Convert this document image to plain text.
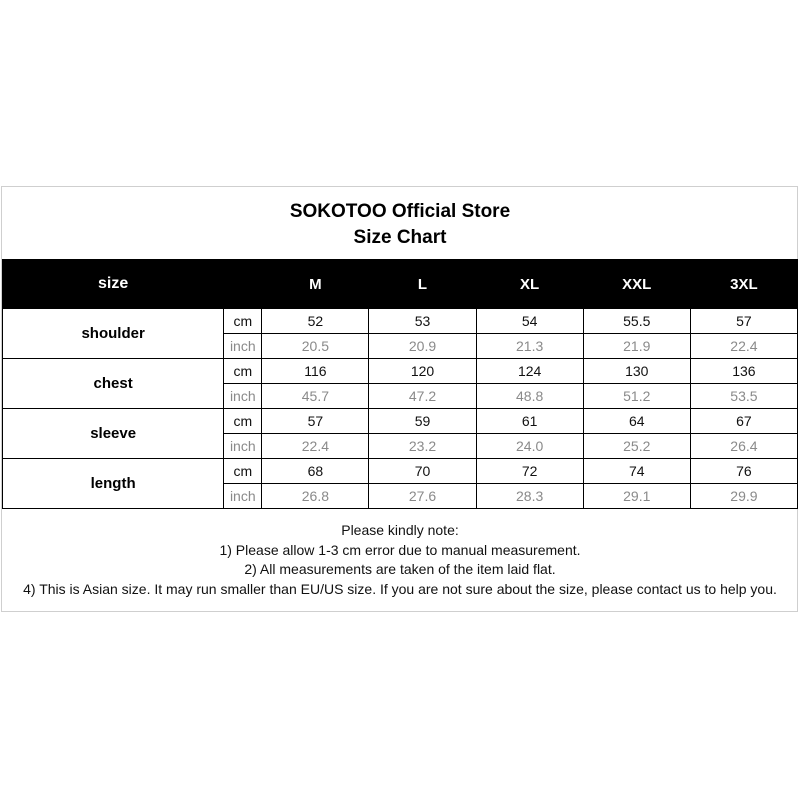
SOKOTOO Official Store
Size Chart
size		M	L	XL	XXL	3XL
shoulder	cm	52	53	54	55.5	57
	inch	20.5	20.9	21.3	21.9	22.4
chest	cm	116	120	124	130	136
	inch	45.7	47.2	48.8	51.2	53.5
sleeve	cm	57	59	61	64	67
	inch	22.4	23.2	24.0	25.2	26.4
length	cm	68	70	72	74	76
	inch	26.8	27.6	28.3	29.1	29.9
Please kindly note:
1) Please allow 1-3 cm error due to manual measurement.
2) All measurements are taken of the item laid flat.
4) This is Asian size. It may run smaller than EU/US size. If you are not sure about the size, please contact us to help you.
